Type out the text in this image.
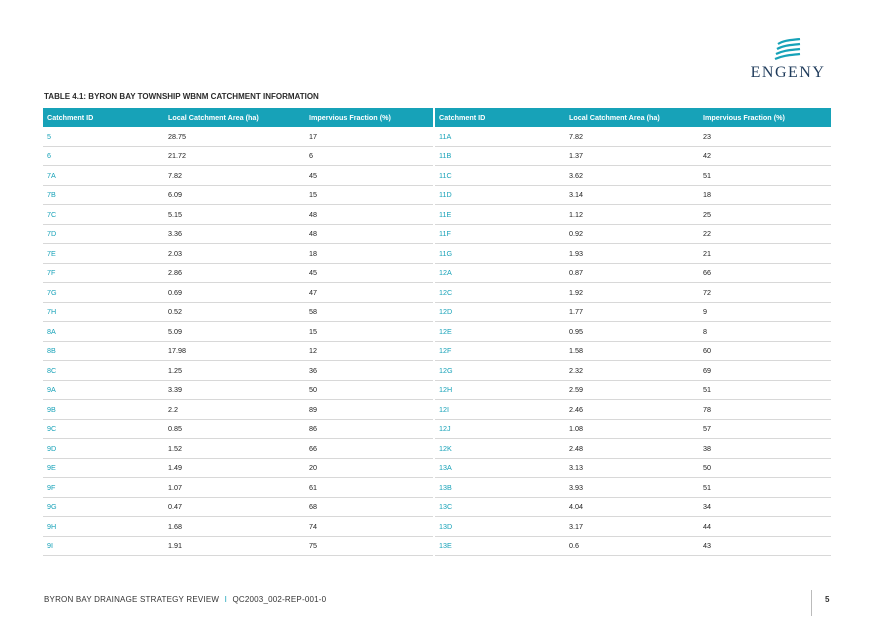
ENGENY
TABLE 4.1: BYRON BAY TOWNSHIP WBNM CATCHMENT INFORMATION
Catchment ID	Local Catchment Area (ha)	Impervious Fraction (%)	Catchment ID	Local Catchment Area (ha)	Impervious Fraction (%)
5	28.75	17	11A	7.82	23
6	21.72	6	11B	1.37	42
7A	7.82	45	11C	3.62	51
7B	6.09	15	11D	3.14	18
7C	5.15	48	11E	1.12	25
7D	3.36	48	11F	0.92	22
7E	2.03	18	11G	1.93	21
7F	2.86	45	12A	0.87	66
7G	0.69	47	12C	1.92	72
7H	0.52	58	12D	1.77	9
8A	5.09	15	12E	0.95	8
8B	17.98	12	12F	1.58	60
8C	1.25	36	12G	2.32	69
9A	3.39	50	12H	2.59	51
9B	2.2	89	12I	2.46	78
9C	0.85	86	12J	1.08	57
9D	1.52	66	12K	2.48	38
9E	1.49	20	13A	3.13	50
9F	1.07	61	13B	3.93	51
9G	0.47	68	13C	4.04	34
9H	1.68	74	13D	3.17	44
9I	1.91	75	13E	0.6	43
BYRON BAY DRAINAGE STRATEGY REVIEW I QC2003_002-REP-001-0	5
